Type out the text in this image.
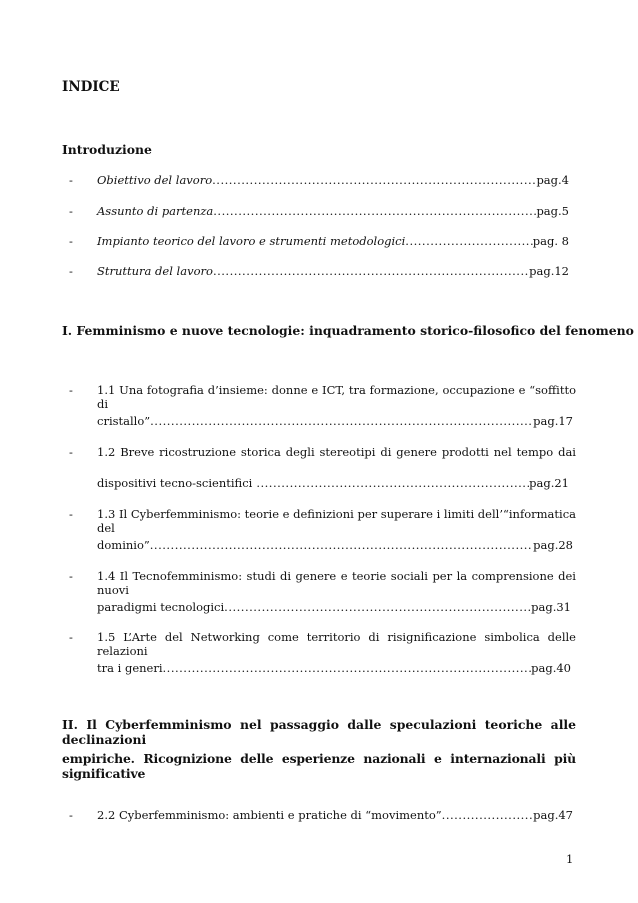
INDICE
Introduzione
- Obiettivo del lavoro .....	pag.4
- Assunto di partenza .....	pag.5
- Impianto teorico del lavoro e strumenti metodologici .....	pag. 8
- Struttura del lavoro .....	pag.12
I. Femminismo e nuove tecnologie: inquadramento storico-filosofico del fenomeno
- 1.1 Una fotografia d’insieme: donne e ICT, tra formazione, occupazione e “soffitto di
cristallo” .....	pag.17
- 1.2 Breve ricostruzione storica degli stereotipi di genere prodotti nel tempo dai
dispositivi tecno-scientifici .....	pag.21
- 1.3 Il Cyberfemminismo: teorie e definizioni per superare i limiti dell’“informatica del
dominio” .....	pag.28
- 1.4 Il Tecnofemminismo: studi di genere e teorie sociali per la comprensione dei nuovi
paradigmi tecnologici .....	pag.31
- 1.5 L’Arte del Networking come territorio di risignificazione simbolica delle relazioni
tra i generi .....	pag.40
II. Il Cyberfemminismo nel passaggio dalle speculazioni teoriche alle declinazioni
empiriche. Ricognizione delle esperienze nazionali e internazionali più significative
- 2.2 Cyberfemminismo: ambienti e pratiche di “movimento” .....	pag.47
1
